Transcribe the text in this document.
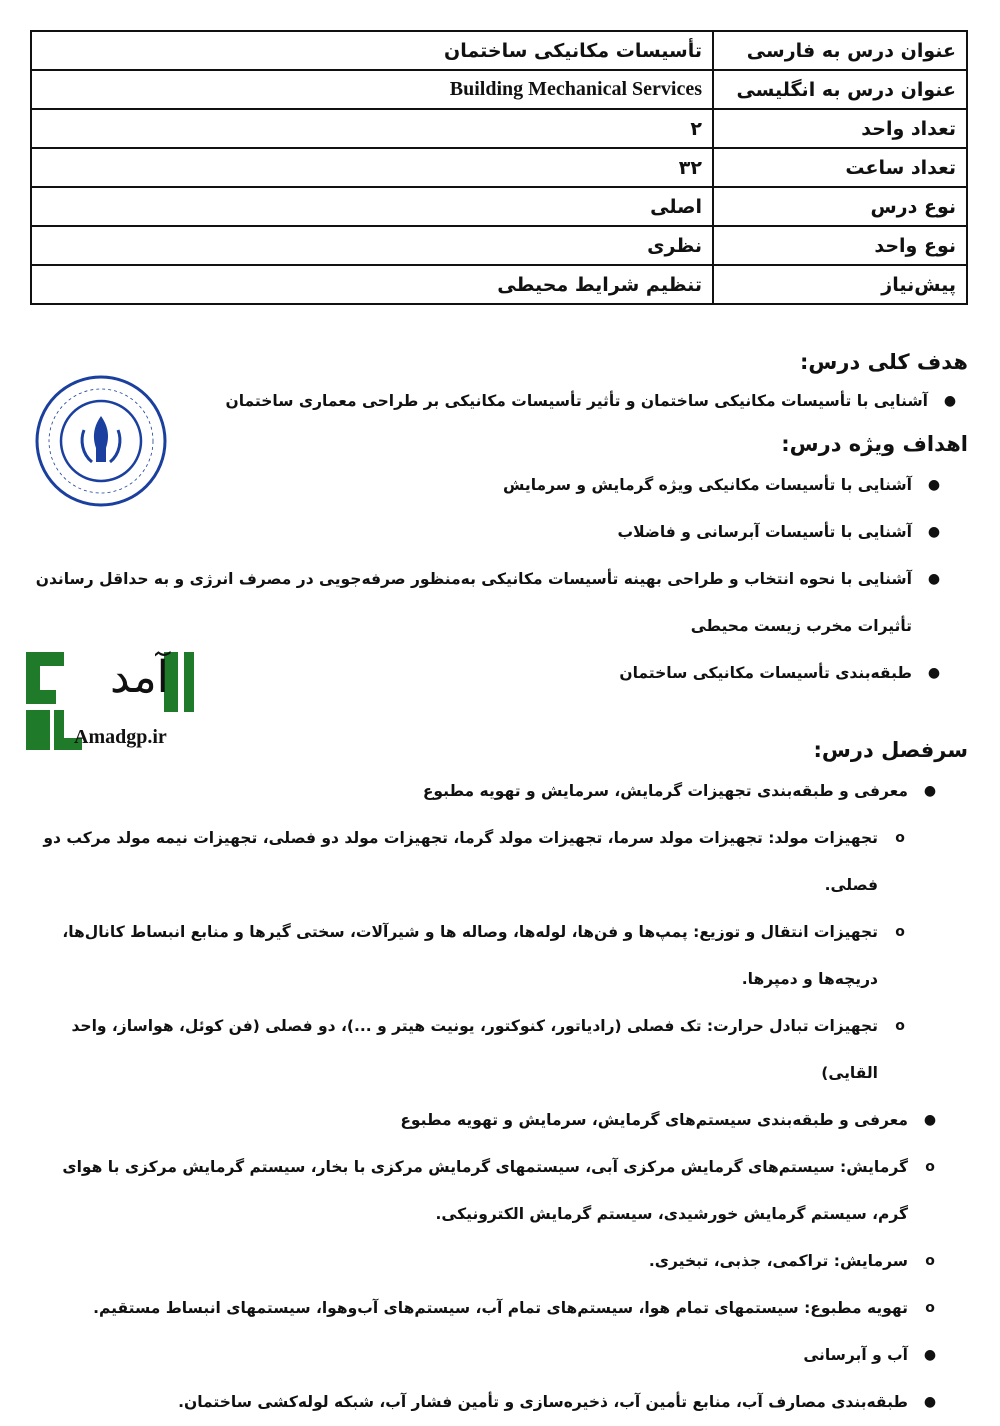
عنوان درس به فارسی	تأسیسات مکانیکی ساختمان
عنوان درس به انگلیسی	Building Mechanical Services
تعداد واحد	۲
تعداد ساعت	۳۲
نوع درس	اصلی
نوع واحد	نظری
پیش‌نیاز	تنظیم شرایط محیطی
هدف کلی درس:
●
آشنایی با تأسیسات مکانیکی ساختمان و تأثیر تأسیسات مکانیکی بر طراحی معماری ساختمان
اهداف ویژه درس:
●
آشنایی با تأسیسات مکانیکی ویژه گرمایش و سرمایش
●
آشنایی با تأسیسات آبرسانی و فاضلاب
●
آشنایی با نحوه انتخاب و طراحی بهینه تأسیسات مکانیکی به‌منظور صرفه‌جویی در مصرف انرژی و به حداقل رساندن تأثیرات مخرب زیست محیطی
●
طبقه‌بندی تأسیسات مکانیکی ساختمان
سرفصل درس:
●
معرفی و طبقه‌بندی تجهیزات گرمایش، سرمایش و تهویه مطبوع
o
تجهیزات مولد: تجهیزات مولد سرما، تجهیزات مولد گرما، تجهیزات مولد دو فصلی، تجهیزات نیمه مولد مرکب دو فصلی.
o
تجهیزات انتقال و توزیع: پمپ‌ها و فن‌ها، لوله‌ها، وصاله ها و شیرآلات، سختی گیرها و منابع انبساط کانال‌ها، دریچه‌ها و دمپرها.
o
تجهیزات تبادل حرارت: تک فصلی (رادیاتور، کنوکتور، یونیت هیتر و ...)، دو فصلی (فن کوئل، هواساز، واحد القایی)
●
معرفی و طبقه‌بندی سیستم‌های گرمایش، سرمایش و تهویه مطبوع
o
گرمایش: سیستم‌های گرمایش مرکزی آبی، سیستمهای گرمایش مرکزی با بخار، سیستم گرمایش مرکزی با هوای گرم، سیستم گرمایش خورشیدی، سیستم گرمایش الکترونیکی.
o
سرمایش: تراکمی، جذبی، تبخیری.
o
تهویه مطبوع: سیستمهای تمام هوا، سیستم‌های تمام آب، سیستم‌های آب‌وهوا، سیستمهای انبساط مستقیم.
●
آب و آبرسانی
●
طبقه‌بندی مصارف آب، منابع تأمین آب، ذخیره‌سازی و تأمین فشار آب، شبکه لوله‌کشی ساختمان.
آمد
Amadgp.ir
